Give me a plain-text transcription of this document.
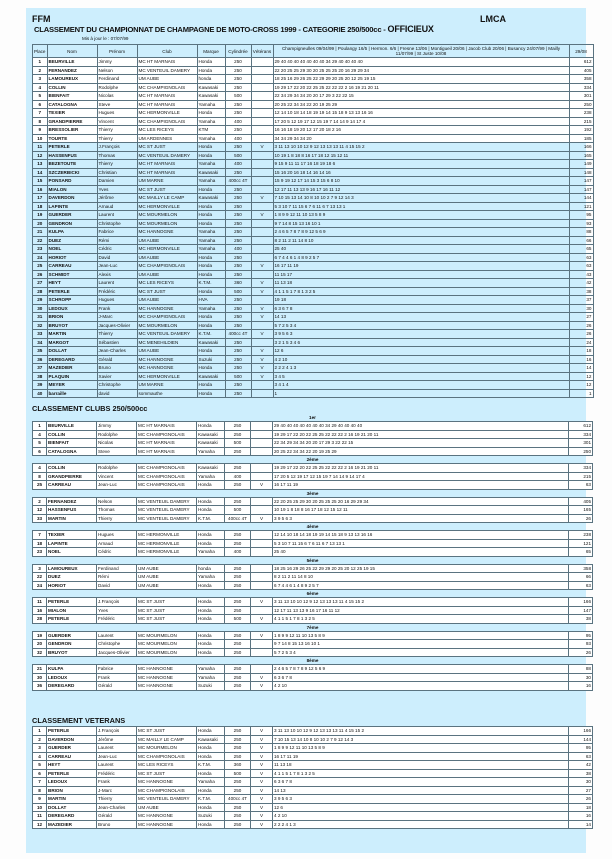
FFM	LMCA
CLASSEMENT DU CHAMPIONNAT DE CHAMPAGNE DE MOTO-CROSS 1999 - CATEGORIE 250/500cc - OFFICIEUX
Mis à jour le : 07/07/99
Place	Nom	Prénom	Club	Marque	Cylindrée	Vétérans	Champigneulles 09/04/99 | Poulangy 16/5 | Hermon. 6/6 | Fresne 13/06 | Montigueil 20/06 | Jacob Club 20/06 | Busancy 24/07/99 | Mailly 11/07/99 | St Juste 10/08	29/08
1	BEURVILLE	Jimmy	MC HT MARNAIS	Honda	250		29 40 40 40 40 40 40 40 34 29 40 40 40 40	612
2	FERNANDEZ	Nelson	MC VENTEUIL DAMERY	Honda	250		22 20 25 25 29 30 20 25 25 25 20 16 29 29 34	405
3	LAMOUREUX	Ferdinand	UM AUBE	honda	250		18 25 16 29 26 25 22 29 29 20 25 20 12 25 19 15	358
4	COLLIN	Rodolphe	MC CHAMPIGNOLAIS	Kawasaki	250		19 29 17 22 20 22 25 25 22 22 22 2 16 19 21 20 11	334
5	BIENFAIT	Nicolas	MC HT MARNAIS	Kawasaki	500		22 34 29 34 34 20 20 17 29 3 22 22 15	301
6	CATALOGNA	Steve	MC HT MARNAIS	Yamaha	250		20 25 22 34 34 22 20 19 25 29	250
7	TEXIER	Hugues	MC HERMONVILLE	Honda	250		12 14 10 18 14 18 19 19 14 15 18 9 13 13 16 16	238
8	GRANDPIERRE	Vincent	MC CHAMPIGNOLAIS	Yamaha	400		17 20 5 12 19 17 12 15 19 7 14 14 9 14 17 4	215
9	BRESSOLIER	Thierry	MC LES RICEYS	KTM	250		16 16 18 19 20 12 17 20 18 2 16	192
10	TOURTE	Thierry	UM ARDENNES	Yamaha	400		34 34 29 34 34 20	185
11	PETERLE	J.François	MC ST JUST	Honda	250	V	3 11 13 10 10 12 9 12 13 13 13 11 4 15 15 2	166
12	HASSENFUS	Thomas	MC VENTEUIL DAMERY	Honda	500		10 19 1 8 18 8 16 17 18 12 15 12 11	165
13	BEZETOUTE	Thierry	MC HT MARNAIS	Yamaha	400		9 15 9 11 11 17 16 18 19 18 6	149
14	SZCZERBICKI	Christian	MC HT MARNAIS	Kawasaki	250		15 16 20 16 18 14 16 14 16	148
15	PONSARD	Damien	UM MARNE	Yamaha	400cc 4T		15 9 19 12 17 14 15 3 15 6 8 10	147
16	MIALON	Yves	MC ST JUST	Honda	250		12 17 11 13 13 9 16 17 16 11 12	147
17	DAVERDON	Jérôme	MC MAILLY LE CAMP	Kawasaki	250	V	7 10 15 13 14 10 8 10 10 2 7 9 12 14 3	144
18	LAPINTE	Arnaud	MC HERMONVILLE	Honda	250		5 3 10 7 11 15 6 7 6 11 6 7 13 13 1	121
19	GUERDER	Laurent	MC MOURMELON	Honda	250	V	1 8 9 9 12 11 10 13 5 8 9	95
20	GENDRON	Christophe	MC MOURMELON	Honda	250		9 7 14 8 15 13 16 10 1	93
21	KULPA	Fabrice	MC HANNOGNE	Yamaha	250		2 4 6 5 7 8 7 8 9 12 5 6 9	88
22	DUEZ	Rémi	UM AUBE	Yamaha	250		8 2 11 2 11 14 8 10	66
23	NOEL	Cédric	MC HERMONVILLE	Yamaha	400		25 40	65
24	HORIOT	David	UM AUBE	Honda	250		6 7 4 4 6 1 4 8 9 2 5 7	63
25	CARREAU	Jean-Luc	MC CHAMPIGNOLAIS	Honda	250	V	16 17 11 19	63
26	SCHMIDT	Alexis	UM AUBE	Honda	250		11 15 17	43
27	HEYT	Laurent	MC LES RICEYS	K.T.M.	360	V	11 13 18	42
28	PETERLE	Frédéric	MC ST JUST	Honda	500	V	4 1 1 5 1 7 8 1 3 2 5	38
29	SCHROPP	Hugues	UM AUBE	HVA	250		19 18	37
30	LEDOUX	Frank	MC HANNOGNE	Yamaha	250	V	6 3 6 7 8	30
31	BRION	J-Marc	MC CHAMPIGNOLAIS	Honda	250	V	14 13	27
32	BRUYOT	Jacques-Olivier	MC MOURMELON	Honda	250		5 7 2 5 3 4	26
33	MARTIN	Thierry	MC VENTEUIL DAMERY	K.T.M.	400cc 4T	V	3 9 5 6 3	26
34	MARGOT	Sébastien	MC MENEHILDIEN	Kawasaki	250		3 2 1 5 3 4 6	24
35	DOLLAT	Jean-Charles	UM AUBE	Honda	250	V	12 6	18
36	DEREGARD	Gérald	MC HANNOGNE	Suzuki	250	V	4 2 10	16
37	MAZEDIER	Bruno	MC HANNOGNE	Honda	250	V	2 2 2 4 1 3	14
38	PLAQUIN	Xavier	MC HERMONVILLE	Kawasaki	500	V	3 4 5	12
39	MEYER	Christophe	UM MARNE	Honda	250		3 4 1 4	12
40	barraille	david	sommauthe	Honda	250		1	1
CLASSEMENT CLUBS 250/500cc
1er								
1	BEURVILLE	Jimmy	MC HT MARNAIS	Honda	250		29 40 40 40 40 40 40 40 34 29 40 40 40 40	612
4	COLLIN	Rodolphe	MC CHAMPIGNOLAIS	Kawasaki	250		19 29 17 22 20 22 25 25 22 22 22 2 16 19 21 20 11	334
5	BIENFAIT	Nicolas	MC HT MARNAIS	Kawasaki	500		22 34 29 34 34 20 20 17 29 3 22 22 15	301
6	CATALOGNA	Steve	MC HT MARNAIS	Yamaha	250		20 25 22 34 34 22 20 19 25 29	250
2ème								
4	COLLIN	Rodolphe	MC CHAMPIGNOLAIS	Kawasaki	250		19 29 17 22 20 22 25 25 22 22 22 2 16 19 21 20 11	334
8	GRANDPIERRE	Vincent	MC CHAMPIGNOLAIS	Yamaha	400		17 20 5 12 19 17 12 15 19 7 14 14 9 14 17 4	215
25	CARREAU	Jean-Luc	MC CHAMPIGNOLAIS	Honda	250	V	16 17 11 19	63
3ème								
2	FERNANDEZ	Nelson	MC VENTEUIL DAMERY	Honda	250		22 20 25 25 29 30 20 25 25 25 20 16 29 29 34	405
12	HASSENFUS	Thomas	MC VENTEUIL DAMERY	Honda	500		10 19 1 8 18 8 16 17 18 12 15 12 11	165
33	MARTIN	Thierry	MC VENTEUIL DAMERY	K.T.M.	400cc 4T	V	3 9 5 6 3	26
4ème								
7	TEXIER	Hugues	MC HERMONVILLE	Honda	250		12 14 10 18 14 18 19 19 14 15 18 9 13 13 16 16	238
18	LAPINTE	Arnaud	MC HERMONVILLE	Honda	250		5 3 10 7 11 15 6 7 6 11 6 7 13 13 1	121
23	NOEL	Cédric	MC HERMONVILLE	Yamaha	400		25 40	65
5ème								
3	LAMOUREUX	Ferdinand	UM AUBE	honda	250		18 25 16 29 26 25 22 29 29 20 25 20 12 25 19 15	358
22	DUEZ	Rémi	UM AUBE	Yamaha	250		8 2 11 2 11 14 8 10	66
24	HORIOT	David	UM AUBE	Honda	250		6 7 4 4 6 1 4 8 9 2 5 7	63
6ème								
11	PETERLE	J.François	MC ST JUST	Honda	250	V	3 11 13 10 10 12 9 12 13 13 13 11 4 15 15 2	166
16	MIALON	Yves	MC ST JUST	Honda	250		12 17 11 13 13 9 16 17 16 11 12	147
28	PETERLE	Frédéric	MC ST JUST	Honda	500	V	4 1 1 5 1 7 8 1 3 2 5	38
7ème								
19	GUERDER	Laurent	MC MOURMELON	Honda	250	V	1 8 9 9 12 11 10 13 5 8 9	95
20	GENDRON	Christophe	MC MOURMELON	Honda	250		9 7 14 8 15 13 16 10 1	93
32	BRUYOT	Jacques-Olivier	MC MOURMELON	Honda	250		5 7 2 5 3 4	26
8ème								
21	KULPA	Fabrice	MC HANNOGNE	Yamaha	250		2 4 6 5 7 8 7 8 9 12 5 6 9	88
30	LEDOUX	Frank	MC HANNOGNE	Yamaha	250	V	6 3 6 7 8	30
36	DEREGARD	Gérald	MC HANNOGNE	Suzuki	250	V	4 2 10	16
CLASSEMENT VETERANS
1	PETERLE	J.François	MC ST JUST	Honda	250	V	3 11 13 10 10 12 9 12 13 13 13 11 4 15 15 2	166
2	DAVERDON	Jérôme	MC MAILLY LE CAMP	Kawasaki	250	V	7 10 15 13 14 10 8 10 10 2 7 9 12 14 3	144
3	GUERDER	Laurent	MC MOURMELON	Honda	250	V	1 8 9 9 12 11 10 13 5 8 9	95
4	CARREAU	Jean-Luc	MC CHAMPIGNOLAIS	Honda	250	V	16 17 11 19	63
5	HEYT	Laurent	MC LES RICEYS	K.T.M.	360	V	11 13 18	42
6	PETERLE	Frédéric	MC ST JUST	Honda	500	V	4 1 1 5 1 7 8 1 3 2 5	38
7	LEDOUX	Frank	MC HANNOGNE	Yamaha	250	V	6 3 6 7 8	30
8	BRION	J-Marc	MC CHAMPIGNOLAIS	Honda	250	V	14 13	27
9	MARTIN	Thierry	MC VENTEUIL DAMERY	K.T.M.	400cc 4T	V	3 9 5 6 3	26
10	DOLLAT	Jean-Charles	UM AUBE	Honda	250	V	12 6	18
11	DEREGARD	Gérald	MC HANNOGNE	Suzuki	250	V	4 2 10	16
12	MAZEDIER	Bruno	MC HANNOGNE	Honda	250	V	2 2 2 4 1 3	14
